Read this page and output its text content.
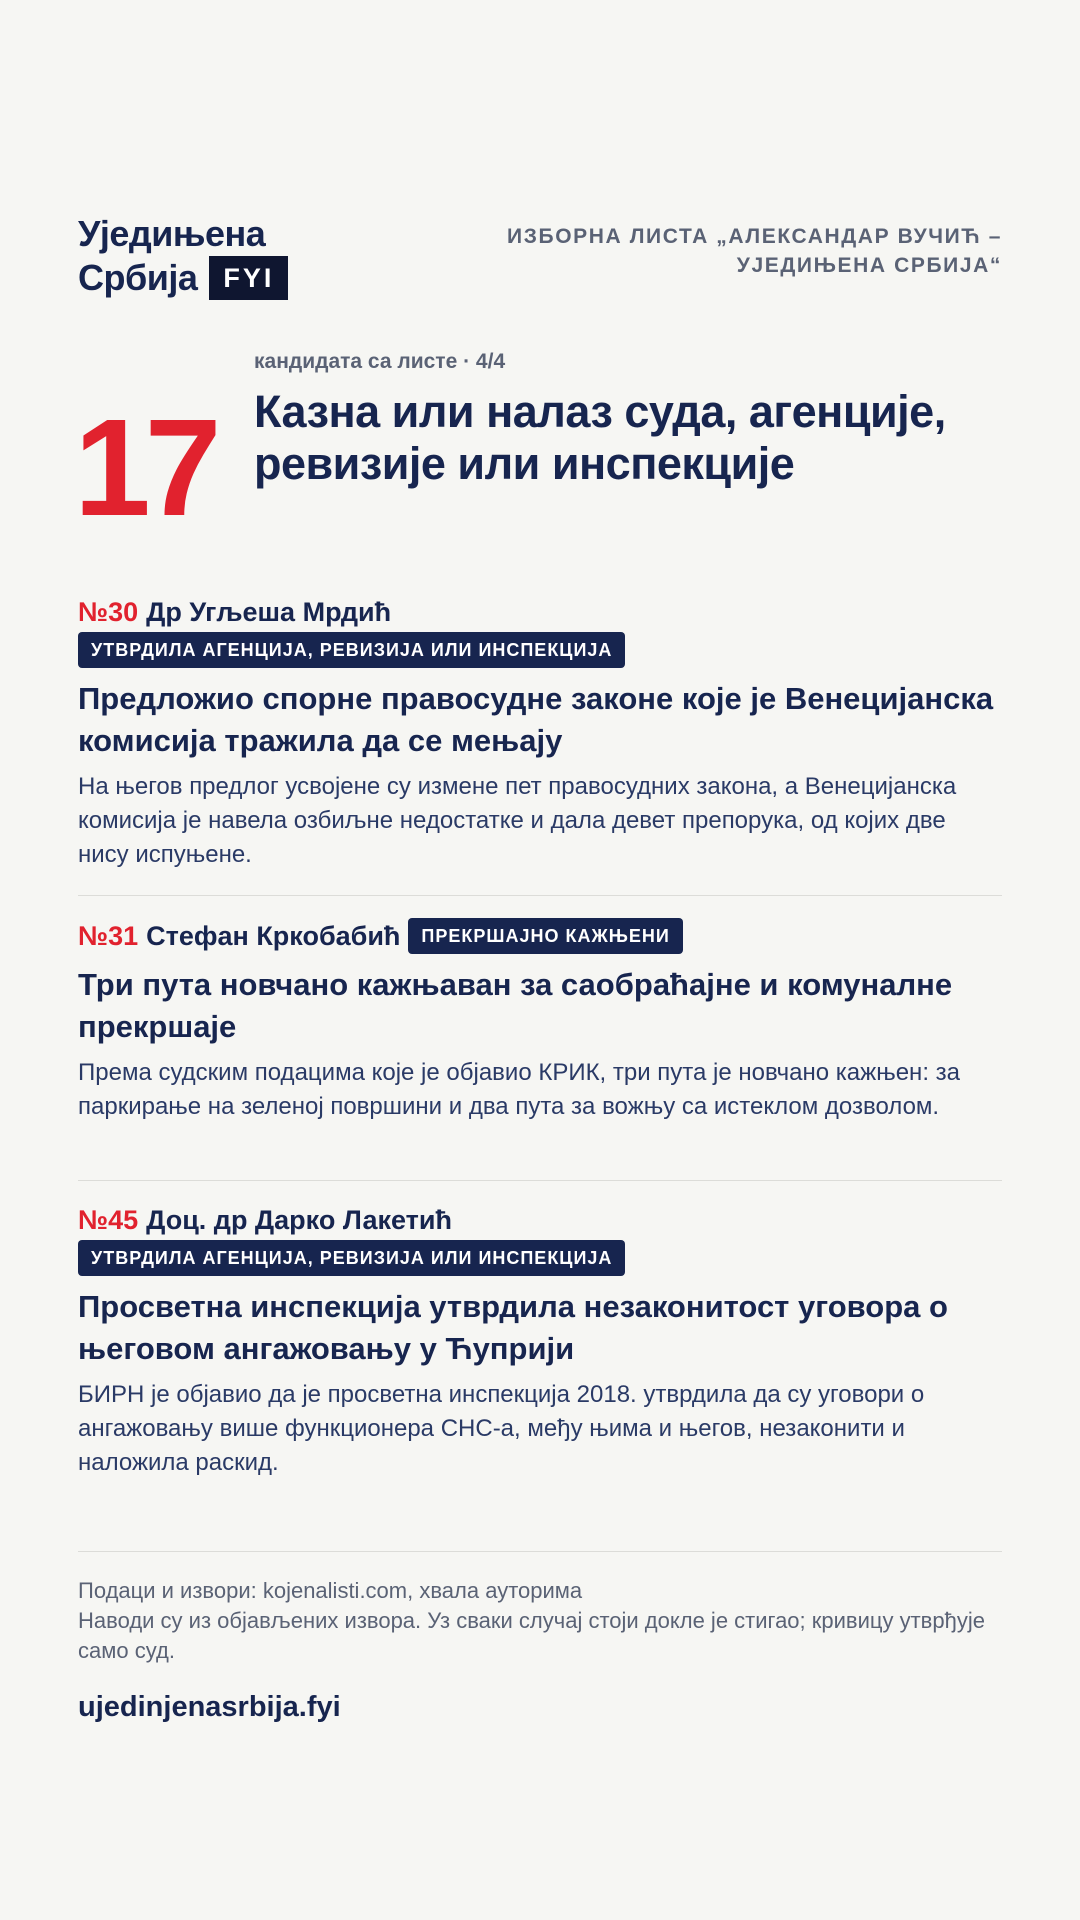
Уједињена
Србија FYI
ИЗБОРНА ЛИСТА „АЛЕКСАНДАР ВУЧИЋ – УЈЕДИЊЕНА СРБИЈА“
17
кандидата са листе · 4/4
Казна или налаз суда, агенције, ревизије или инспекције
№30 Др Угљеша Мрдић
УТВРДИЛА АГЕНЦИЈА, РЕВИЗИЈА ИЛИ ИНСПЕКЦИЈА
Предложио спорне правосудне законе које је Венецијанска комисија тражила да се мењају
На његов предлог усвојене су измене пет правосудних закона, а Венецијанска комисија је навела озбиљне недостатке и дала девет препорука, од којих две нису испуњене.
№31 Стефан Кркобабић	ПРЕКРШАЈНО КАЖЊЕНИ
Три пута новчано кажњаван за саобраћајне и комуналне прекршаје
Према судским подацима које је објавио КРИК, три пута је новчано кажњен: за паркирање на зеленој површини и два пута за вожњу са истеклом дозволом.
№45 Доц. др Дарко Лакетић
УТВРДИЛА АГЕНЦИЈА, РЕВИЗИЈА ИЛИ ИНСПЕКЦИЈА
Просветна инспекција утврдила незаконитост уговора о његовом ангажовању у Ћуприји
БИРН је објавио да је просветна инспекција 2018. утврдила да су уговори о ангажовању више функционера СНС-а, међу њима и његов, незаконити и наложила раскид.
Подаци и извори: kojenalisti.com, хвала ауторима
Наводи су из објављених извора. Уз сваки случај стоји докле је стигао; кривицу утврђује само суд.
ujedinjenasrbija.fyi
